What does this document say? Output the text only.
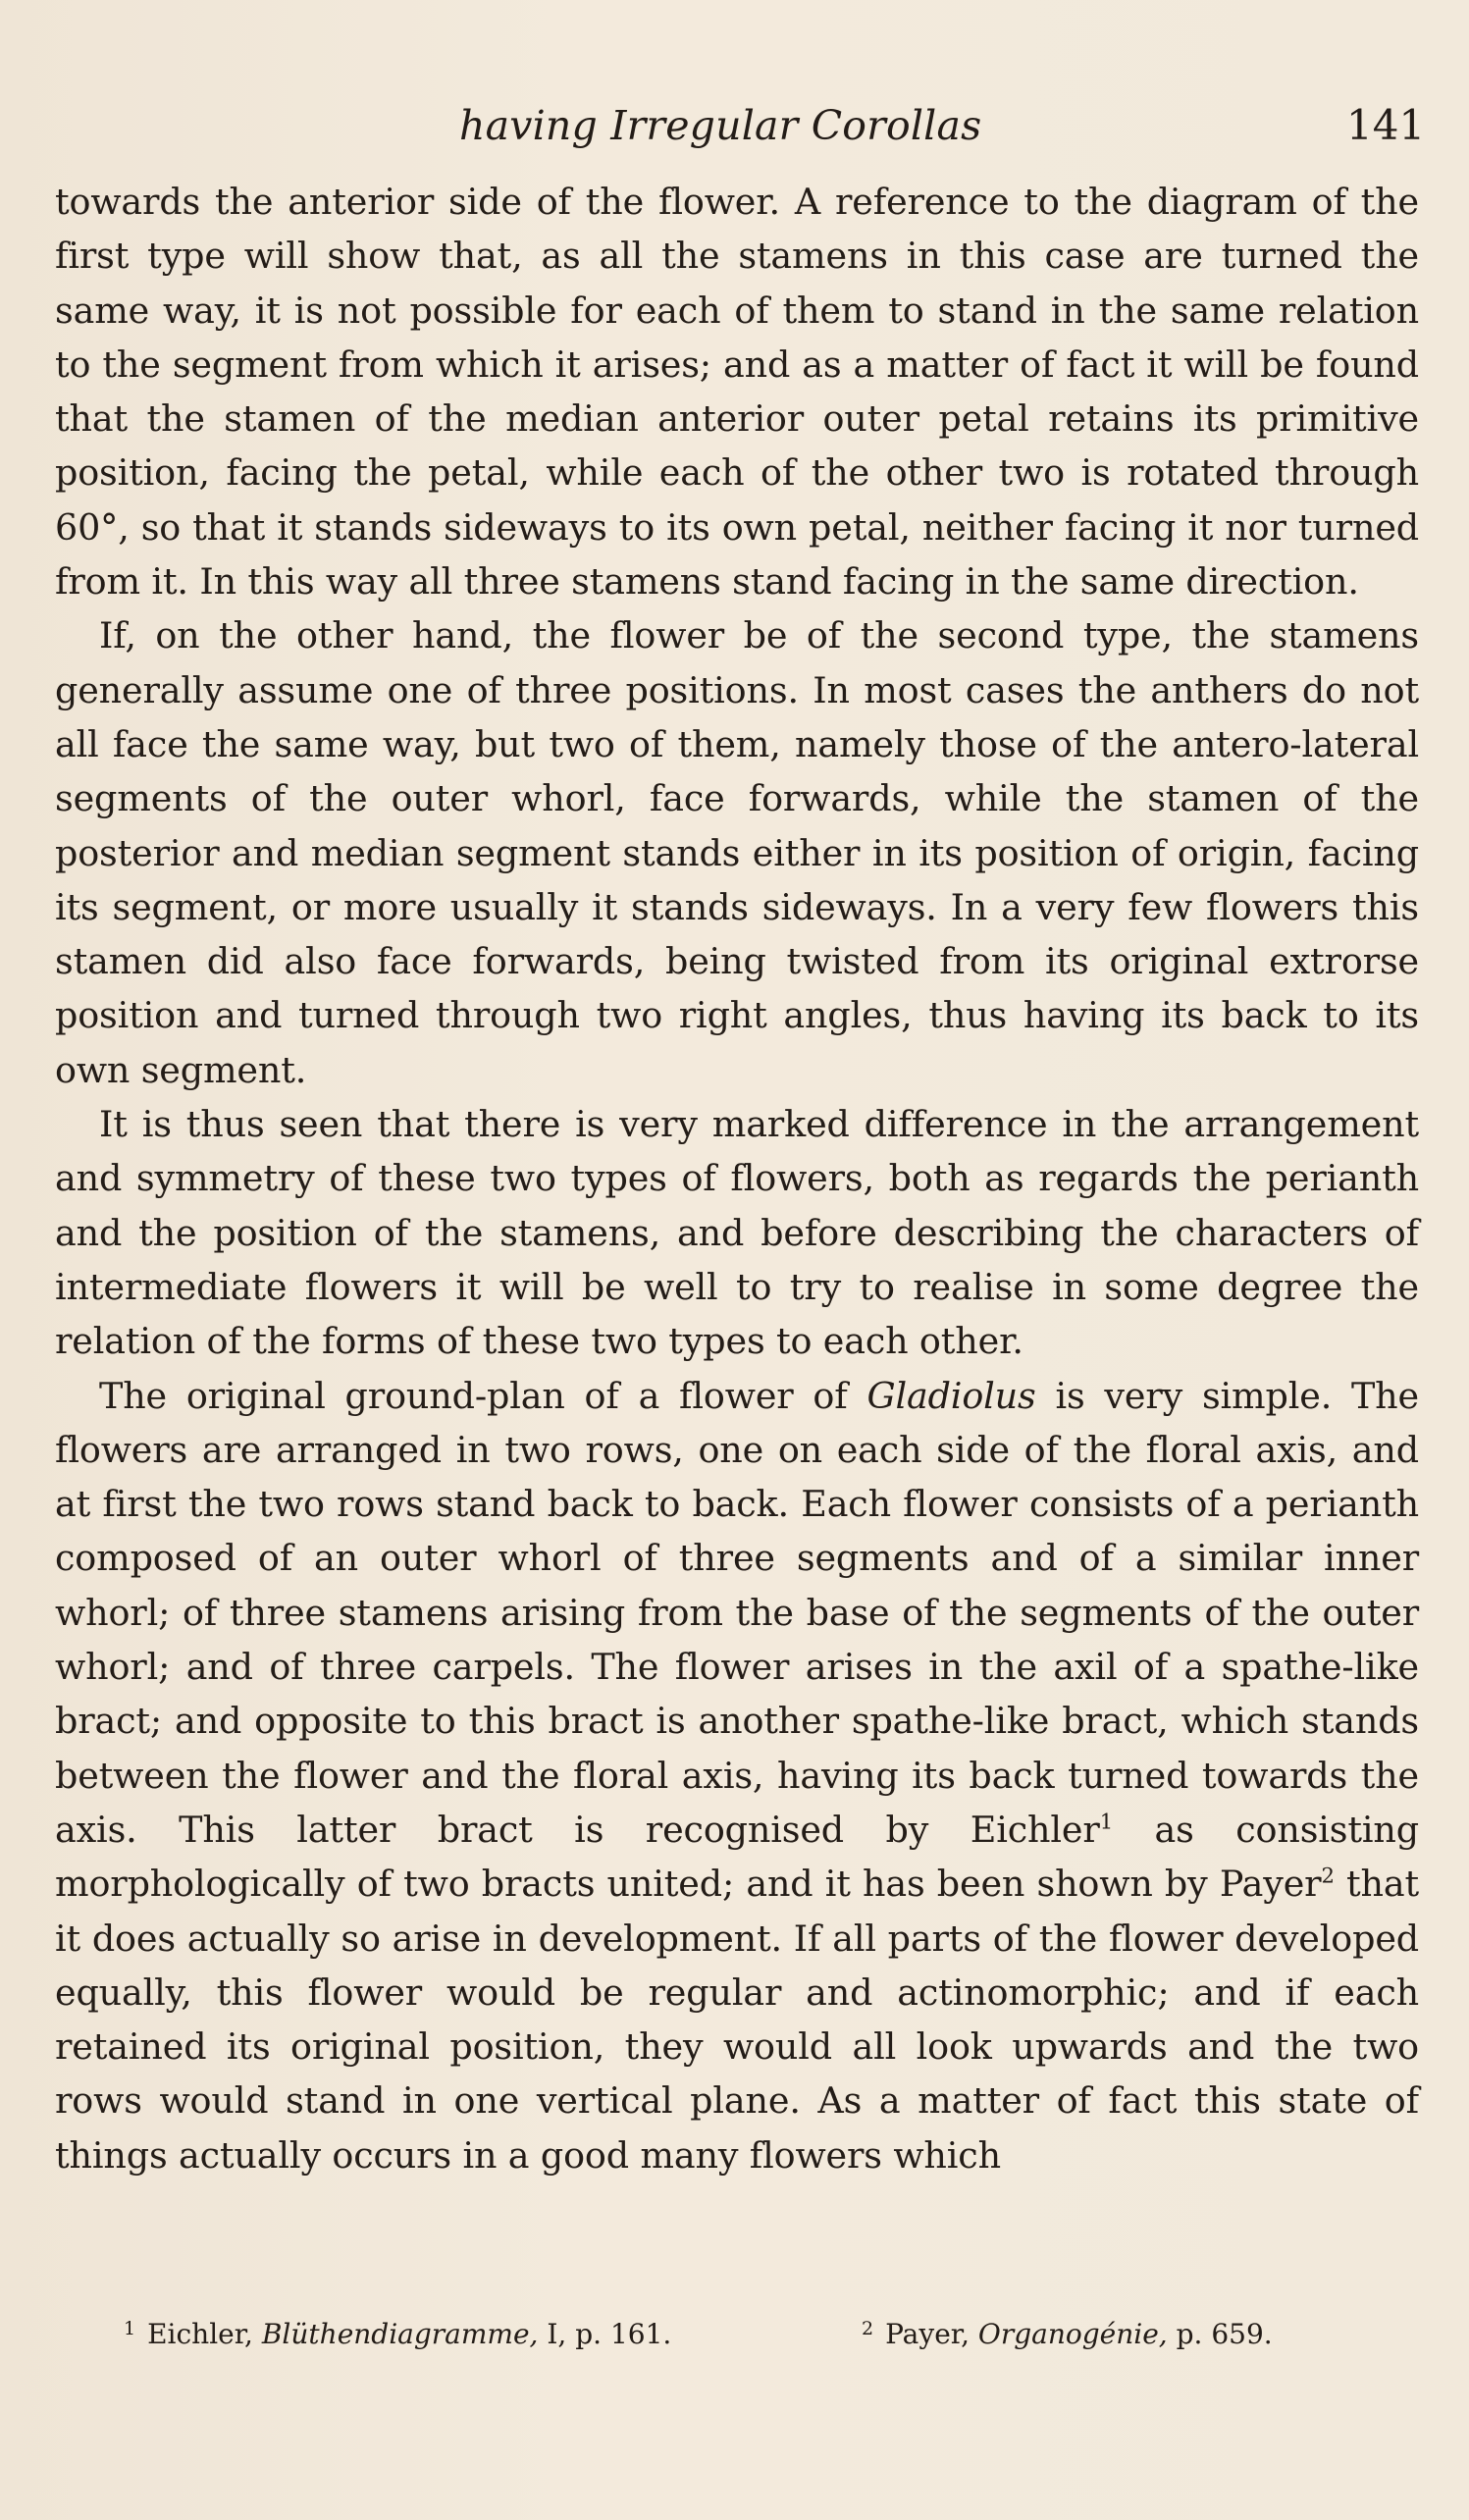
having Irregular Corollas	141

towards the anterior side of the flower. A reference to the diagram of the first type will show that, as all the stamens in this case are turned the same way, it is not possible for each of them to stand in the same relation to the segment from which it arises; and as a matter of fact it will be found that the stamen of the median anterior outer petal retains its primitive position, facing the petal, while each of the other two is rotated through 60°, so that it stands sideways to its own petal, neither facing it nor turned from it. In this way all three stamens stand facing in the same direction.

If, on the other hand, the flower be of the second type, the stamens generally assume one of three positions. In most cases the anthers do not all face the same way, but two of them, namely those of the antero-lateral segments of the outer whorl, face forwards, while the stamen of the posterior and median segment stands either in its position of origin, facing its segment, or more usually it stands sideways. In a very few flowers this stamen did also face forwards, being twisted from its original extrorse position and turned through two right angles, thus having its back to its own segment.

It is thus seen that there is very marked difference in the arrangement and symmetry of these two types of flowers, both as regards the perianth and the position of the stamens, and before describing the characters of intermediate flowers it will be well to try to realise in some degree the relation of the forms of these two types to each other.

The original ground-plan of a flower of Gladiolus is very simple. The flowers are arranged in two rows, one on each side of the floral axis, and at first the two rows stand back to back. Each flower consists of a perianth composed of an outer whorl of three segments and of a similar inner whorl; of three stamens arising from the base of the segments of the outer whorl; and of three carpels. The flower arises in the axil of a spathe-like bract; and opposite to this bract is another spathe-like bract, which stands between the flower and the floral axis, having its back turned towards the axis. This latter bract is recognised by Eichler$^1$ as consisting morphologically of two bracts united; and it has been shown by Payer$^2$ that it does actually so arise in development. If all parts of the flower developed equally, this flower would be regular and actinomorphic; and if each retained its original position, they would all look upwards and the two rows would stand in one vertical plane. As a matter of fact this state of things actually occurs in a good many flowers which

$^1$ Eichler, Blüthendiagramme, I, p. 161.	$^2$ Payer, Organogénie, p. 659.
